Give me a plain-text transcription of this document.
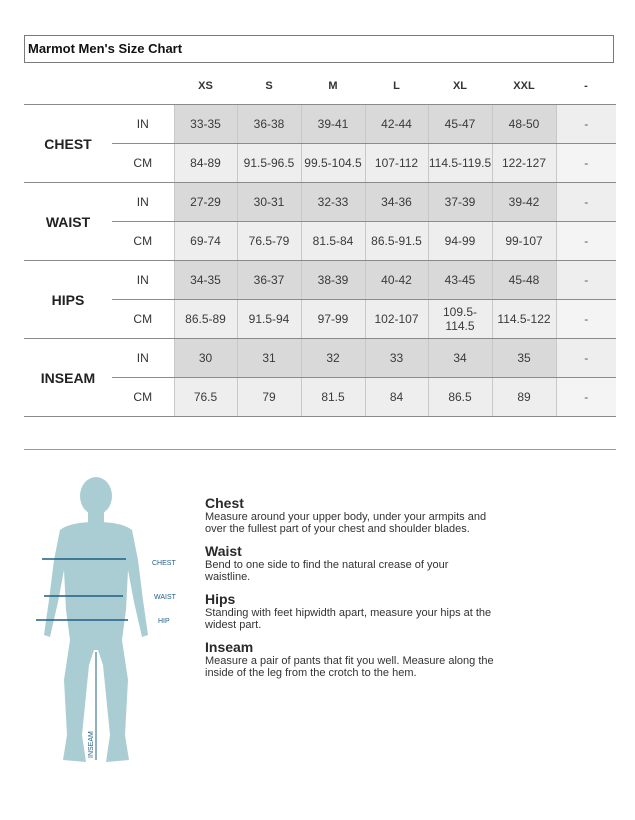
Marmot Men's Size Chart
		XS	S	M	L	XL	XXL	-
CHEST	IN	33-35	36-38	39-41	42-44	45-47	48-50	-
	CM	84-89	91.5-96.5	99.5-104.5	107-112	114.5-119.5	122-127	-
WAIST	IN	27-29	30-31	32-33	34-36	37-39	39-42	-
	CM	69-74	76.5-79	81.5-84	86.5-91.5	94-99	99-107	-
HIPS	IN	34-35	36-37	38-39	40-42	43-45	45-48	-
	CM	86.5-89	91.5-94	97-99	102-107	109.5-114.5	114.5-122	-
INSEAM	IN	30	31	32	33	34	35	-
	CM	76.5	79	81.5	84	86.5	89	-
CHEST
WAIST
HIP
INSEAM
Chest

Measure around your upper body, under your armpits and over the fullest part of your chest and shoulder blades.

Waist

Bend to one side to find the natural crease of your waistline.

Hips

Standing with feet hipwidth apart, measure your hips at the widest part.

Inseam

Measure a pair of pants that fit you well. Measure along the inside of the leg from the crotch to the hem.
